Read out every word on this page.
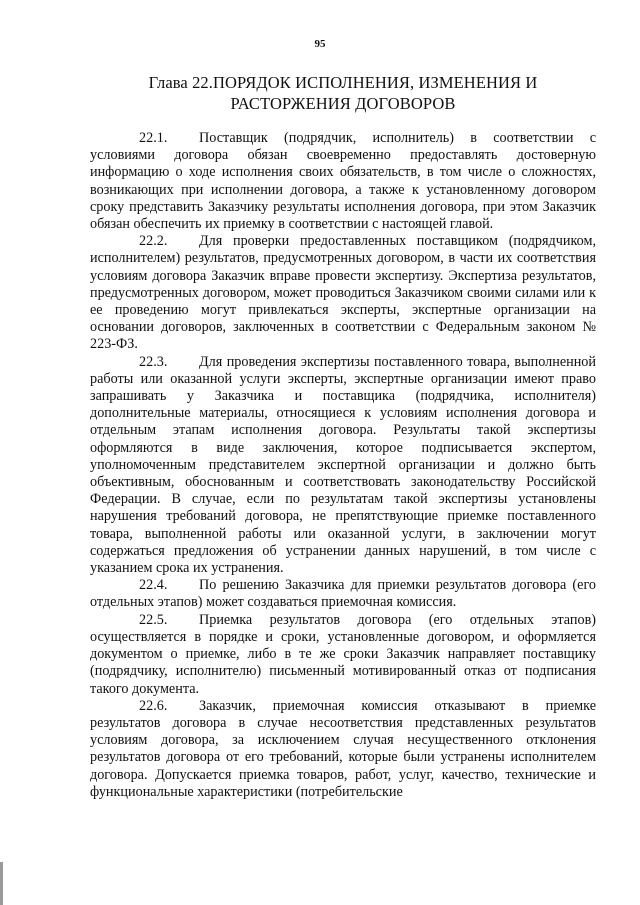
95
Глава 22.ПОРЯДОК ИСПОЛНЕНИЯ, ИЗМЕНЕНИЯ И РАСТОРЖЕНИЯ ДОГОВОРОВ

22.1. Поставщик (подрядчик, исполнитель) в соответствии с условиями договора обязан своевременно предоставлять достоверную информацию о ходе исполнения своих обязательств, в том числе о сложностях, возникающих при исполнении договора, а также к установленному договором сроку представить Заказчику результаты исполнения договора, при этом Заказчик обязан обеспечить их приемку в соответствии с настоящей главой.

22.2. Для проверки предоставленных поставщиком (подрядчиком, исполнителем) результатов, предусмотренных договором, в части их соответствия условиям договора Заказчик вправе провести экспертизу. Экспертиза результатов, предусмотренных договором, может проводиться Заказчиком своими силами или к ее проведению могут привлекаться эксперты, экспертные организации на основании договоров, заключенных в соответствии с Федеральным законом № 223-ФЗ.

22.3. Для проведения экспертизы поставленного товара, выполненной работы или оказанной услуги эксперты, экспертные организации имеют право запрашивать у Заказчика и поставщика (подрядчика, исполнителя) дополнительные материалы, относящиеся к условиям исполнения договора и отдельным этапам исполнения договора. Результаты такой экспертизы оформляются в виде заключения, которое подписывается экспертом, уполномоченным представителем экспертной организации и должно быть объективным, обоснованным и соответствовать законодательству Российской Федерации. В случае, если по результатам такой экспертизы установлены нарушения требований договора, не препятствующие приемке поставленного товара, выполненной работы или оказанной услуги, в заключении могут содержаться предложения об устранении данных нарушений, в том числе с указанием срока их устранения.

22.4. По решению Заказчика для приемки результатов договора (его отдельных этапов) может создаваться приемочная комиссия.

22.5. Приемка результатов договора (его отдельных этапов) осуществляется в порядке и сроки, установленные договором, и оформляется документом о приемке, либо в те же сроки Заказчик направляет поставщику (подрядчику, исполнителю) письменный мотивированный отказ от подписания такого документа.

22.6. Заказчик, приемочная комиссия отказывают в приемке результатов договора в случае несоответствия представленных результатов условиям договора, за исключением случая несущественного отклонения результатов договора от его требований, которые были устранены исполнителем договора. Допускается приемка товаров, работ, услуг, качество, технические и функциональные характеристики (потребительские
